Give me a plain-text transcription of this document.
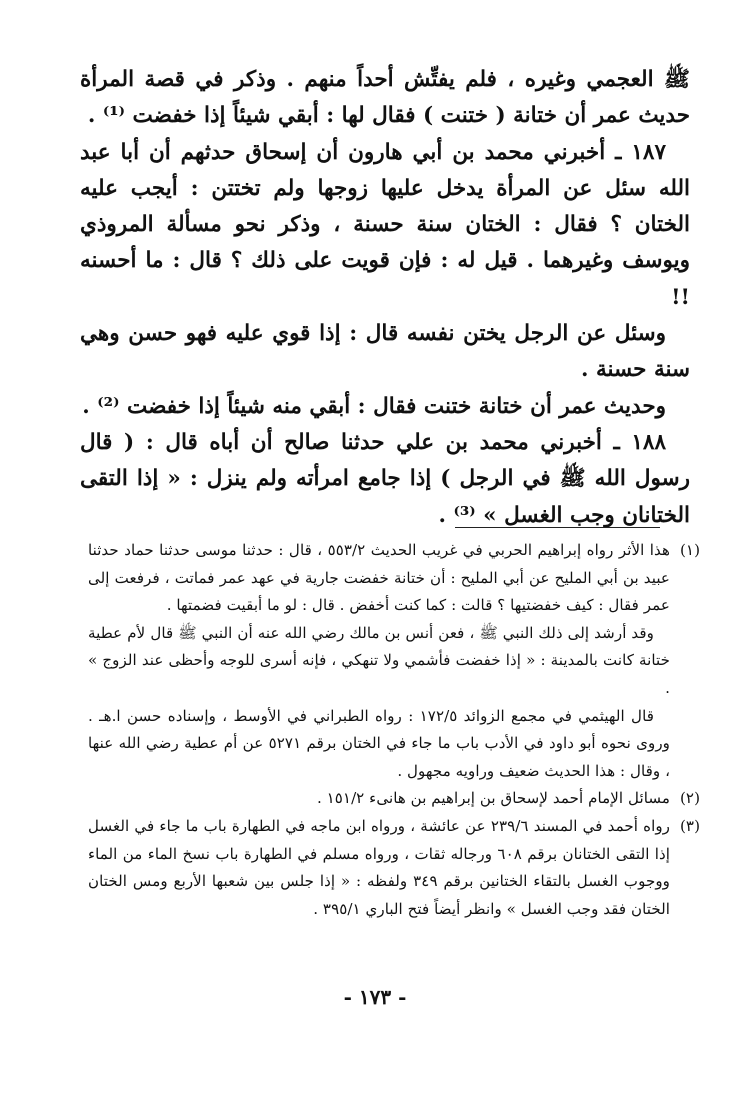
ﷺ العجمي وغيره ، فلم يفتِّش أحداً منهم . وذكر في قصة المرأة حديث عمر أن ختانة ( ختنت ) فقال لها : أبقي شيئاً إذا خفضت ⁽¹⁾ .

١٨٧ ـ أخبرني محمد بن أبي هارون أن إسحاق حدثهم أن أبا عبد الله سئل عن المرأة يدخل عليها زوجها ولم تختتن : أيجب عليه الختان ؟ فقال : الختان سنة حسنة ، وذكر نحو مسألة المروذي ويوسف وغيرهما . قيل له : فإن قويت على ذلك ؟ قال : ما أحسنه !!

وسئل عن الرجل يختن نفسه قال : إذا قوي عليه فهو حسن وهي سنة حسنة .

وحديث عمر أن ختانة ختنت فقال : أبقي منه شيئاً إذا خفضت ⁽²⁾ .

١٨٨ ـ أخبرني محمد بن علي حدثنا صالح أن أباه قال : ( قال رسول الله ﷺ في الرجل ) إذا جامع امرأته ولم ينزل : « إذا التقى الختانان وجب الغسل » ⁽³⁾ .

(١)

هذا الأثر رواه إبراهيم الحربي في غريب الحديث ٥٥٣/٢ ، قال : حدثنا موسى حدثنا حماد حدثنا عبيد بن أبي المليح عن أبي المليح : أن ختانة خفضت جارية في عهد عمر فماتت ، فرفعت إلى عمر فقال : كيف خفضتيها ؟ قالت : كما كنت أخفض . قال : لو ما أبقيت فضمتها .

وقد أرشد إلى ذلك النبي ﷺ ، فعن أنس بن مالك رضي الله عنه أن النبي ﷺ قال لأم عطية ختانة كانت بالمدينة : « إذا خفضت فأشمي ولا تنهكي ، فإنه أسرى للوجه وأحظى عند الزوج » .

قال الهيثمي في مجمع الزوائد ١٧٢/٥ : رواه الطبراني في الأوسط ، وإسناده حسن ا.هـ . وروى نحوه أبو داود في الأدب باب ما جاء في الختان برقم ٥٢٧١ عن أم عطية رضي الله عنها ، وقال : هذا الحديث ضعيف وراويه مجهول .

(٢)

مسائل الإمام أحمد لإسحاق بن إبراهيم بن هانىء ١٥١/٢ .

(٣)

رواه أحمد في المسند ٢٣٩/٦ عن عائشة ، ورواه ابن ماجه في الطهارة باب ما جاء في الغسل إذا التقى الختانان برقم ٦٠٨ ورجاله ثقات ، ورواه مسلم في الطهارة باب نسخ الماء من الماء ووجوب الغسل بالتقاء الختانين برقم ٣٤٩ ولفظه : « إذا جلس بين شعبها الأربع ومس الختان الختان فقد وجب الغسل » وانظر أيضاً فتح الباري ٣٩٥/١ .

- ١٧٣ -
